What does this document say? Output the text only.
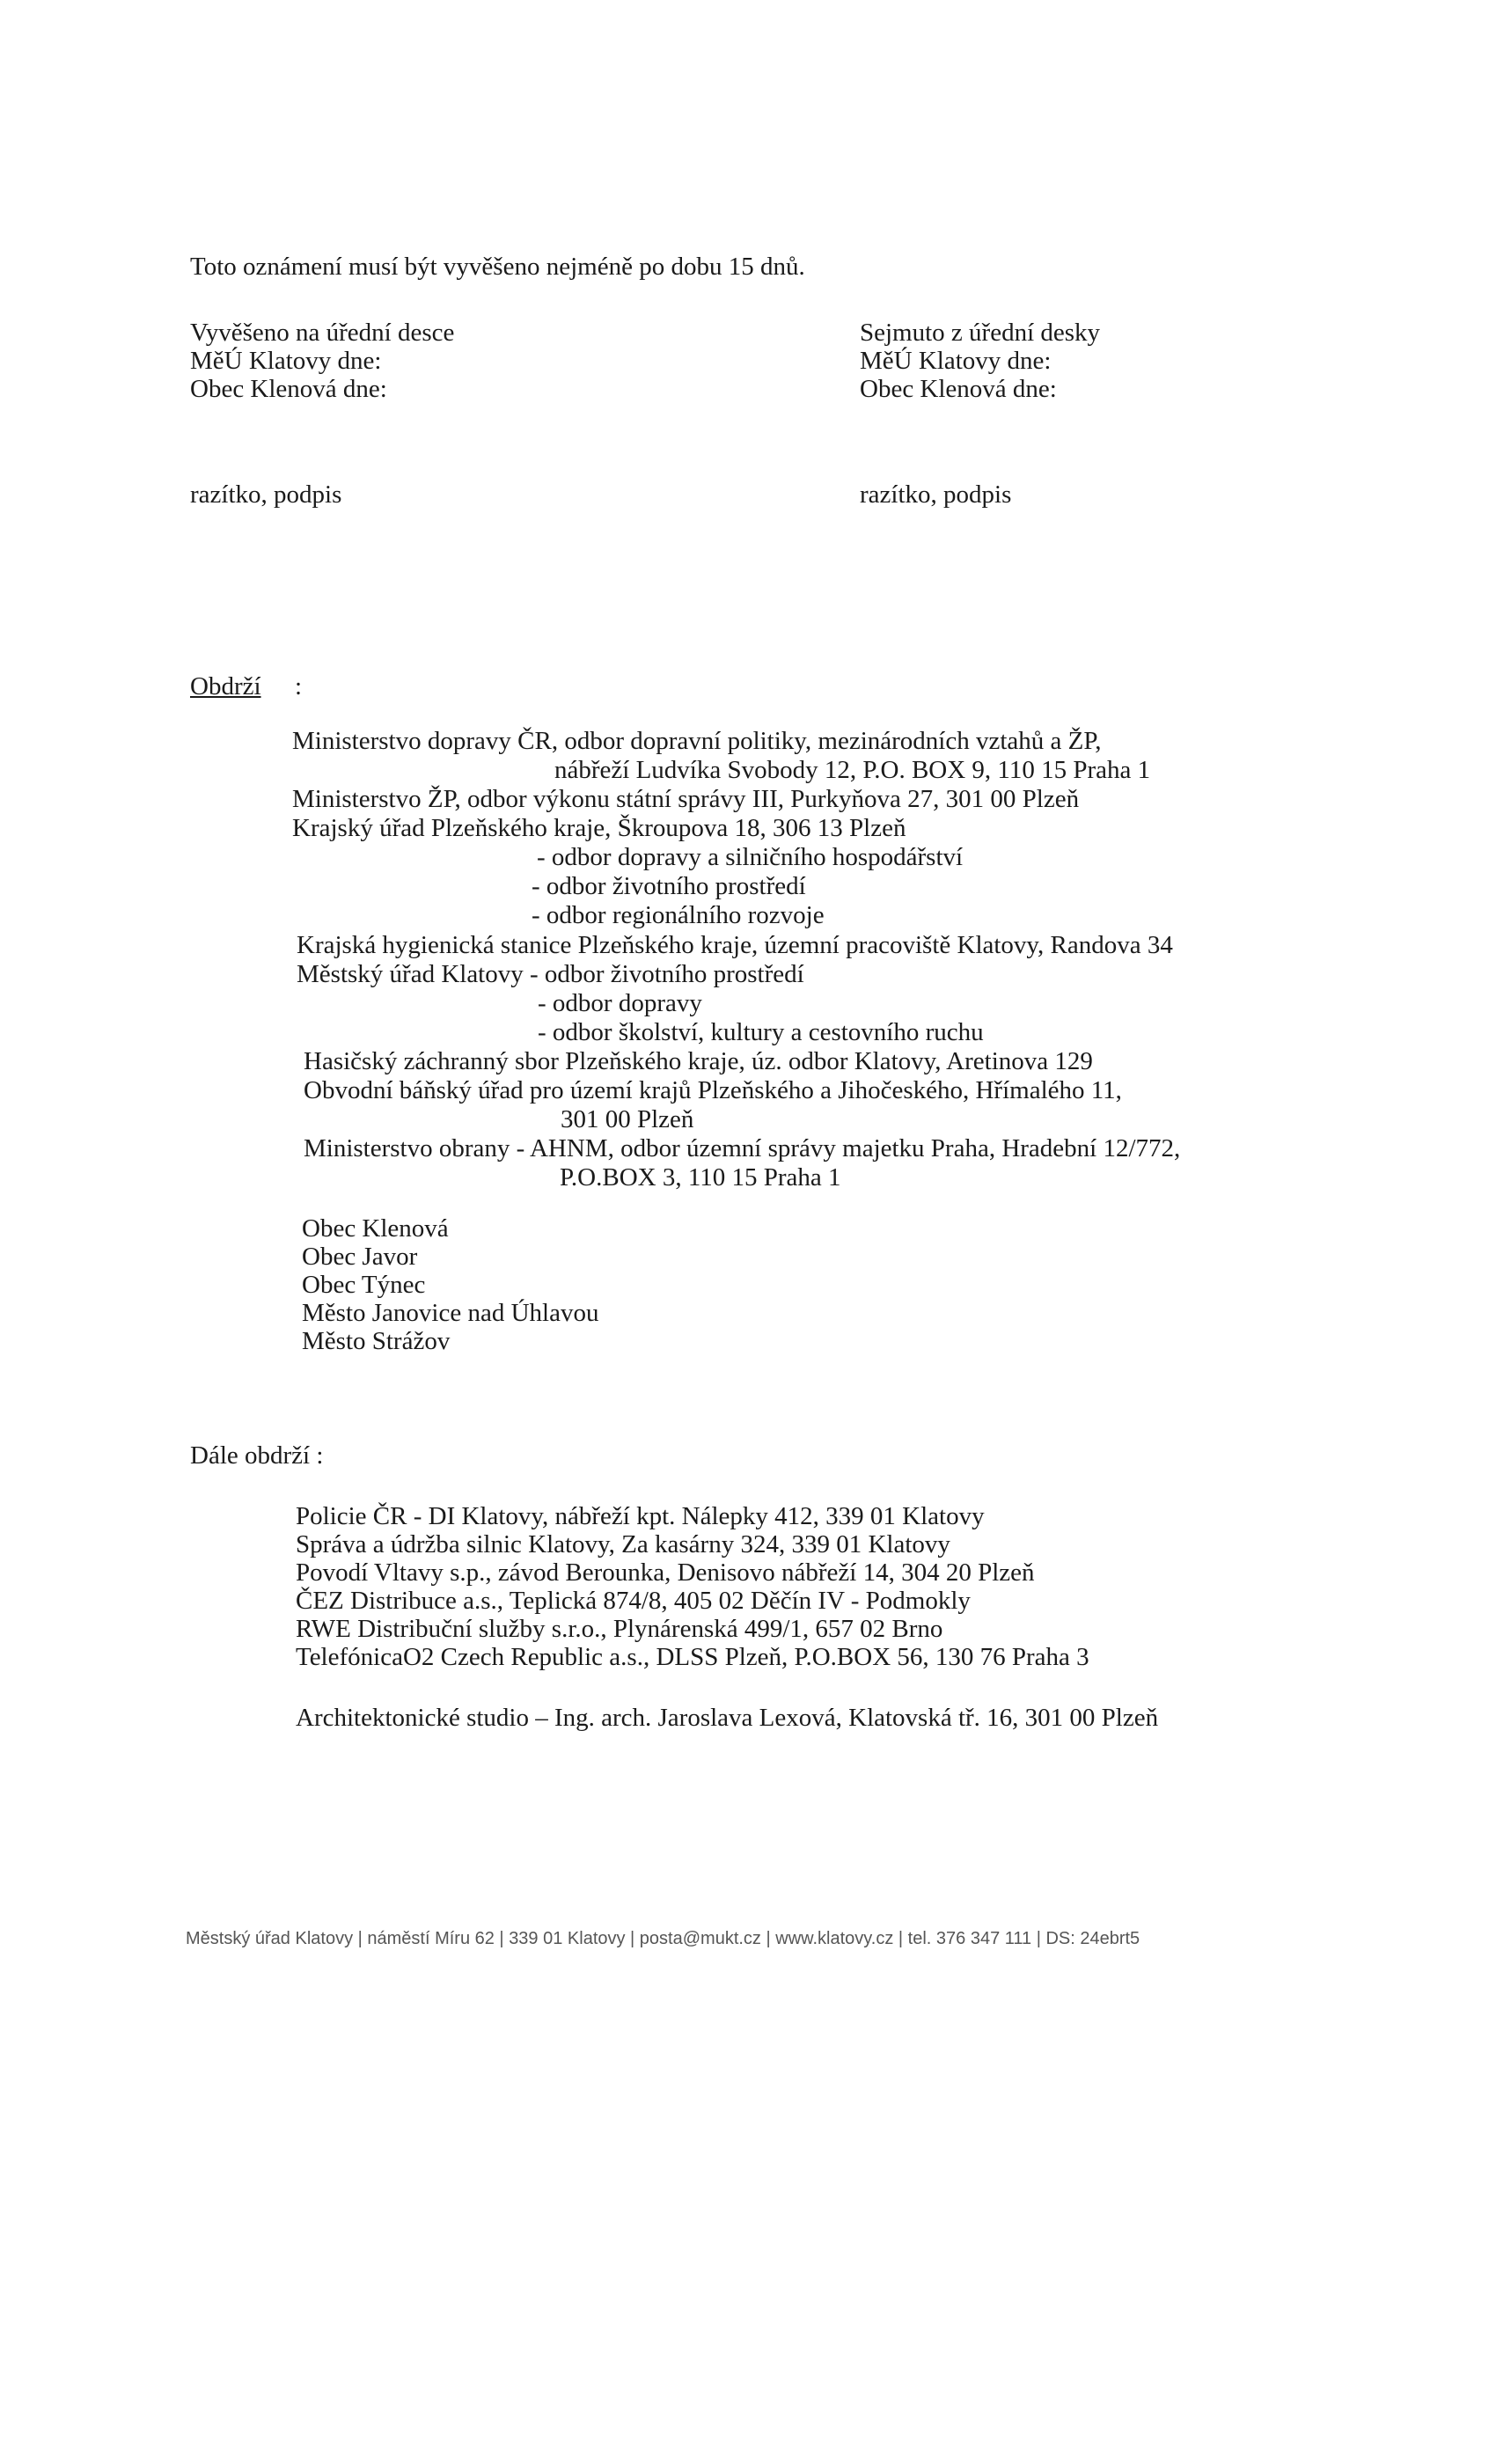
Toto oznámení musí být vyvěšeno nejméně po dobu 15 dnů.
Vyvěšeno na úřední desce
MěÚ Klatovy dne:
Obec Klenová dne:
Sejmuto z úřední desky
MěÚ Klatovy dne:
Obec Klenová dne:
razítko, podpis	razítko, podpis
Obdrží :
Ministerstvo dopravy ČR, odbor dopravní politiky, mezinárodních vztahů a ŽP,
nábřeží Ludvíka Svobody 12, P.O. BOX 9, 110 15 Praha 1
Ministerstvo ŽP, odbor výkonu státní správy III, Purkyňova 27, 301 00 Plzeň
Krajský úřad Plzeňského kraje, Škroupova 18, 306 13 Plzeň
- odbor dopravy a silničního hospodářství
- odbor životního prostředí
- odbor regionálního rozvoje
Krajská hygienická stanice Plzeňského kraje, územní pracoviště Klatovy, Randova 34
Městský úřad Klatovy - odbor životního prostředí
- odbor dopravy
- odbor školství, kultury a cestovního ruchu
Hasičský záchranný sbor Plzeňského kraje, úz. odbor Klatovy, Aretinova 129
Obvodní báňský úřad pro území krajů Plzeňského a Jihočeského, Hřímalého 11,
301 00 Plzeň
Ministerstvo obrany - AHNM, odbor územní správy majetku Praha, Hradební 12/772,
P.O.BOX 3, 110 15 Praha 1
Obec Klenová
Obec Javor
Obec Týnec
Město Janovice nad Úhlavou
Město Strážov
Dále obdrží :
Policie ČR - DI Klatovy, nábřeží kpt. Nálepky 412, 339 01 Klatovy
Správa a údržba silnic Klatovy, Za kasárny 324, 339 01 Klatovy
Povodí Vltavy s.p., závod Berounka, Denisovo nábřeží 14, 304 20 Plzeň
ČEZ Distribuce a.s., Teplická 874/8, 405 02 Děčín IV - Podmokly
RWE Distribuční služby s.r.o., Plynárenská 499/1, 657 02 Brno
TelefónicaO2 Czech Republic a.s., DLSS Plzeň, P.O.BOX 56, 130 76 Praha 3
Architektonické studio – Ing. arch. Jaroslava Lexová, Klatovská tř. 16, 301 00 Plzeň
Městský úřad Klatovy | náměstí Míru 62 | 339 01 Klatovy | posta@mukt.cz | www.klatovy.cz | tel. 376 347 111 | DS: 24ebrt5
